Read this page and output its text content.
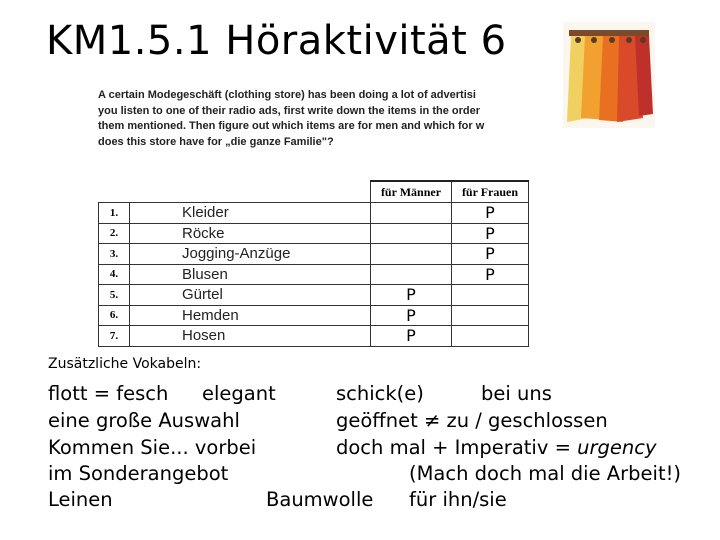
KM1.5.1 Höraktivität 6

A certain Modegeschäft (clothing store) has been doing a lot of advertisi

you listen to one of their radio ads, first write down the items in the order

them mentioned. Then figure out which items are for men and which for w

does this store have for „die ganze Familie"?

		für Männer	für Frauen
1.	Kleider		P
2.	Röcke		P
3.	Jogging-Anzüge		P
4.	Blusen		P
5.	Gürtel	P	
6.	Hemden	P	
7.	Hosen	P	
Zusätzliche Vokabeln:
flott = fesch elegant	schick(e)	bei uns
eine große Auswahl	geöffnet ≠ zu / geschlossen
Kommen Sie... vorbei	doch mal + Imperativ = urgency
im Sonderangebot	(Mach doch mal die Arbeit!)
Leinen	Baumwolle für ihn/sie
